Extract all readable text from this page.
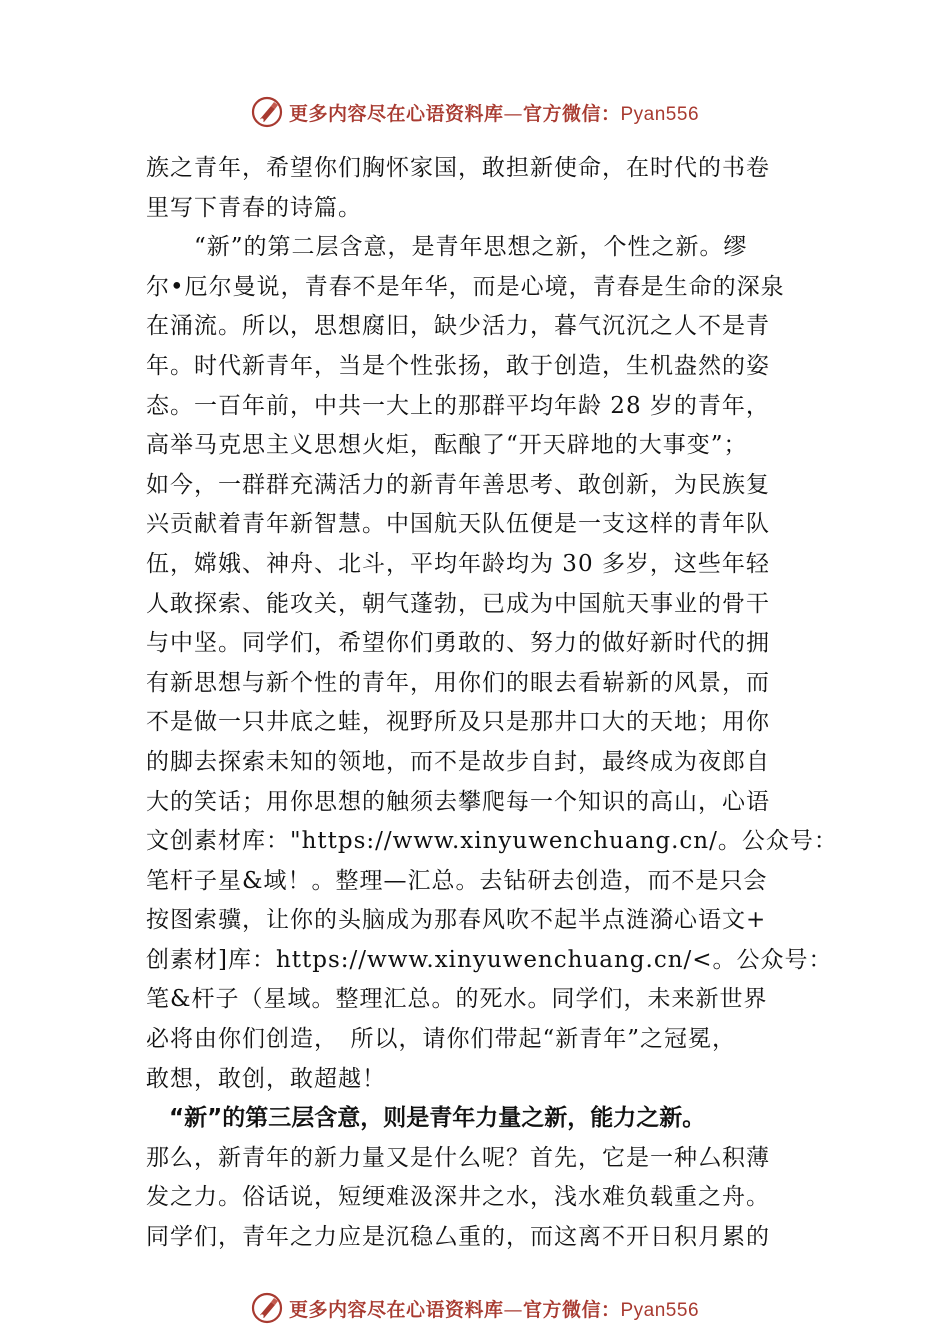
更多内容尽在心语资料库—官方微信：Pyan556
族之青年，希望你们胸怀家国，敢担新使命，在时代的书卷
里写下青春的诗篇。
　　“新”的第二层含意，是青年思想之新，个性之新。缪
尔•厄尔曼说，青春不是年华，而是心境，青春是生命的深泉
在涌流。所以，思想腐旧，缺少活力，暮气沉沉之人不是青
年。时代新青年，当是个性张扬，敢于创造，生机盎然的姿
态。一百年前，中共一大上的那群平均年龄 28 岁的青年，
高举马克思主义思想火炬，酝酿了“开天辟地的大事变”；
如今，一群群充满活力的新青年善思考、敢创新，为民族复
兴贡献着青年新智慧。中国航天队伍便是一支这样的青年队
伍，嫦娥、神舟、北斗，平均年龄均为 30 多岁，这些年轻
人敢探索、能攻关，朝气蓬勃，已成为中国航天事业的骨干
与中坚。同学们，希望你们勇敢的、努力的做好新时代的拥
有新思想与新个性的青年，用你们的眼去看崭新的风景，而
不是做一只井底之蛙，视野所及只是那井口大的天地；用你
的脚去探索未知的领地，而不是故步自封，最终成为夜郎自
大的笑话；用你思想的触须去攀爬每一个知识的高山，心语
文创素材库："https://www.xinyuwenchuang.cn/。公众号：
笔杆子星&域！。整理—汇总。去钻研去创造，而不是只会
按图索骥，让你的头脑成为那春风吹不起半点涟漪心语文+
创素材]库：https://www.xinyuwenchuang.cn/<。公众号：
笔&杆子（星域。整理汇总。的死水。同学们，未来新世界
必将由你们创造，　所以，请你们带起“新青年”之冠冕，
敢想，敢创，敢超越！
　“新”的第三层含意，则是青年力量之新，能力之新。
那么，新青年的新力量又是什么呢？首先，它是一种厶积薄
发之力。俗话说，短绠难汲深井之水，浅水难负载重之舟。
同学们，青年之力应是沉稳厶重的，而这离不开日积月累的
更多内容尽在心语资料库—官方微信：Pyan556
